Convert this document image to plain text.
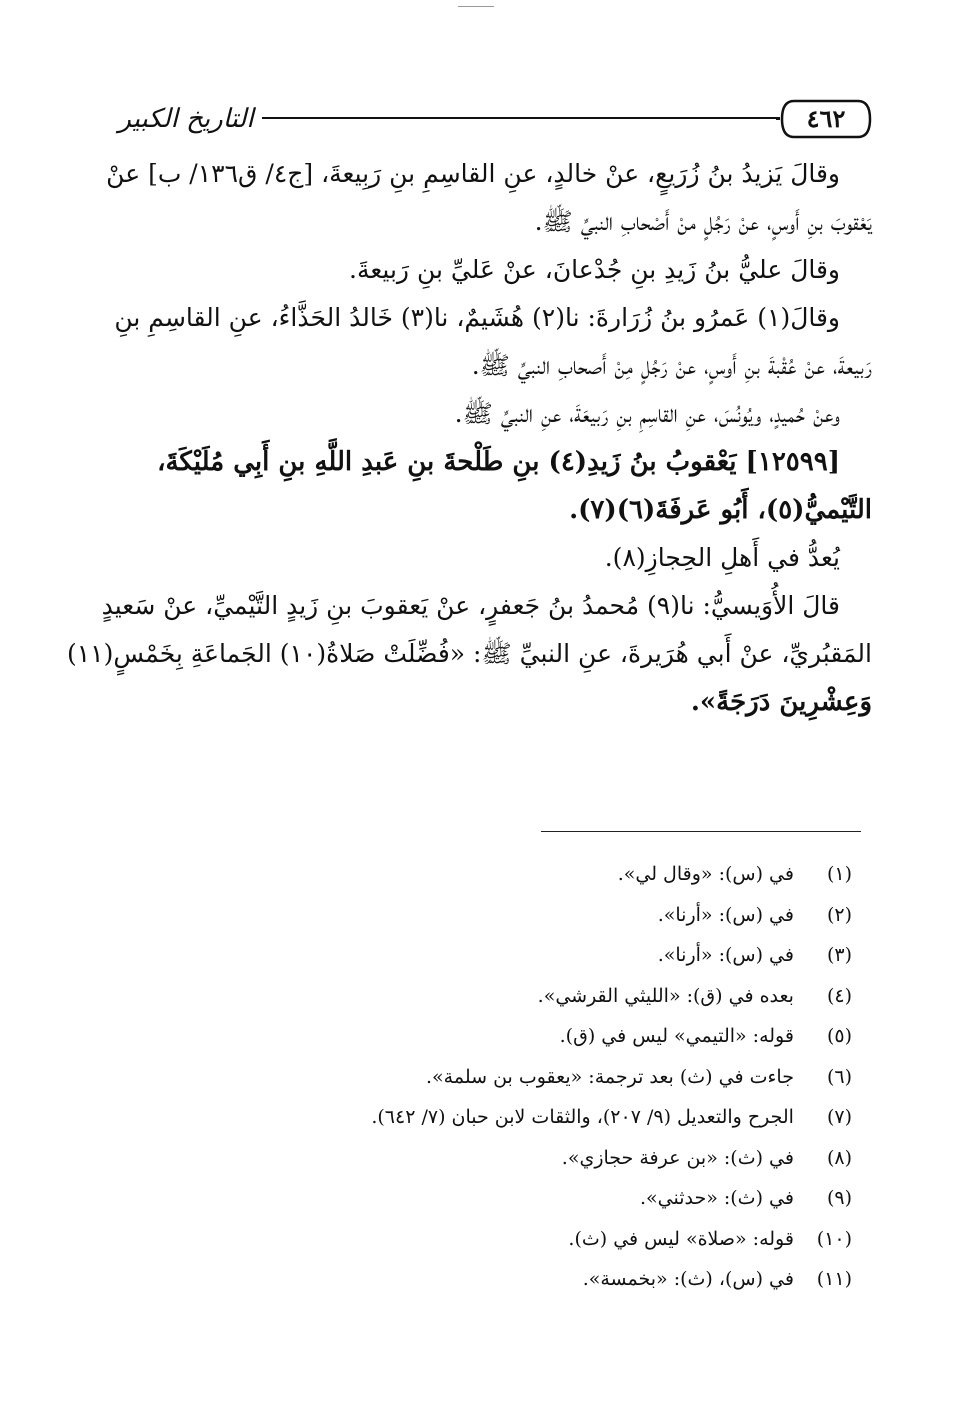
التاريخ الكبير	٤٦٢
وقالَ يَزيدُ بنُ زُرَيعٍ، عنْ خالدٍ، عنِ القاسِمِ بنِ رَبِيعةَ، [ج٤/ ق١٣٦/ ب] عنْ
يَعْقوبَ بنِ أَوسٍ، عنْ رَجُلٍ منْ أَصْحابِ النبيِّ ﷺ.
وقالَ عليُّ بنُ زَيدِ بنِ جُدْعانَ، عنْ عَليِّ بنِ رَبيعةَ.
وقالَ(١) عَمرُو بنُ زُرَارةَ: نا(٢) هُشَيمٌ، نا(٣) خَالدُ الحَذَّاءُ، عنِ القاسِمِ بنِ
رَبيعةَ، عنْ عُقْبةَ بنِ أَوسٍ، عنْ رَجُلٍ مِنْ أَصحابِ النبيِّ ﷺ.
وعنْ حُميدٍ، ويُونُسَ، عنِ القاسِمِ بنِ رَبيعَةَ، عنِ النبيِّ ﷺ.
[١٢٥٩٩] يَعْقوبُ بنُ زَيدِ(٤) بنِ طَلْحةَ بنِ عَبدِ اللَّهِ بنِ أَبِي مُلَيْكَةَ،
التَّيْميُّ(٥)، أَبُو عَرفَةَ(٦)(٧).
يُعدُّ في أَهلِ الحِجازِ(٨).
قالَ الأُوَيسيُّ: نا(٩) مُحمدُ بنُ جَعفرٍ، عنْ يَعقوبَ بنِ زَيدٍ التَّيْميِّ، عنْ سَعيدٍ
المَقبُريِّ، عنْ أَبي هُرَيرةَ، عنِ النبيِّ ﷺ: «فُضِّلَتْ صَلاةُ(١٠) الجَماعَةِ بِخَمْسٍ(١١)
وَعِشْرِينَ دَرَجَةً».
(١) في (س): «وقال لي».
(٢) في (س): «أرنا».
(٣) في (س): «أرنا».
(٤) بعده في (ق): «الليثي القرشي».
(٥) قوله: «التيمي» ليس في (ق).
(٦) جاءت في (ث) بعد ترجمة: «يعقوب بن سلمة».
(٧) الجرح والتعديل (٩/ ٢٠٧)، والثقات لابن حبان (٧/ ٦٤٢).
(٨) في (ث): «بن عرفة حجازي».
(٩) في (ث): «حدثني».
(١٠) قوله: «صلاة» ليس في (ث).
(١١) في (س)، (ث): «بخمسة».
